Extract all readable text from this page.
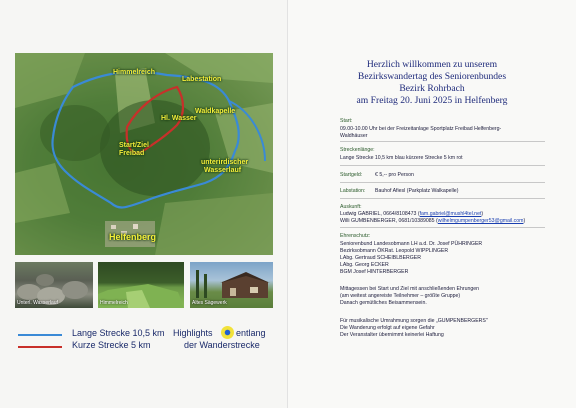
Himmelreich
Labestation
Waldkapelle
Hl. Wasser
Start/Ziel
Freibad
unterirdischer
Wasserlauf
Helfenberg
Unterl. Wasserlauf	Himmelreich	Altes Sägewerk
Lange Strecke 10,5 km
Kurze Strecke 5 km
Highlights	entlang
der Wanderstrecke
Herzlich willkommen zu unserem
Bezirkswandertag des Seniorenbundes
Bezirk Rohrbach
am Freitag 20. Juni 2025 in Helfenberg
Start:
09.00-10.00 Uhr bei der Freizeitanlage Sportplatz Freibad Helfenberg-
Waldhäuser
Streckenlänge:
Lange Strecke 10,5 km blau kürzere Strecke 5 km rot
Startgeld: € 5,-- pro Person
Labstation: Bauhof Afiesl (Parkplatz Walkapelle)
Auskunft:
Ludwig GABRIEL, 0664/8108473 (fam.gabriel@mushl4tel.net)
Willi GUMBENBERGER, 0681/10389085 (wilhelmgumpenberger53@gmail.com)
Ehrenschutz:
Seniorenbund Landesobmann LH a.d. Dr. Josef PÜHRINGER
Bezirksobmann ÖKRat. Leopold WIPPLINGER
LAbg. Gertraud SCHEIBLBERGER
LAbg. Georg ECKER
BGM Josef HINTERBERGER
Mittagessen bei Start und Ziel mit anschließenden Ehrungen
(am weitest angereiste Teilnehmer – größte Gruppe)
Danach gemütliches Beisammensein.
Für musikalische Umrahmung sorgen die „GUMPENBERGERS"
Die Wanderung erfolgt auf eigene Gefahr
Der Veranstalter übernimmt keinerlei Haftung
